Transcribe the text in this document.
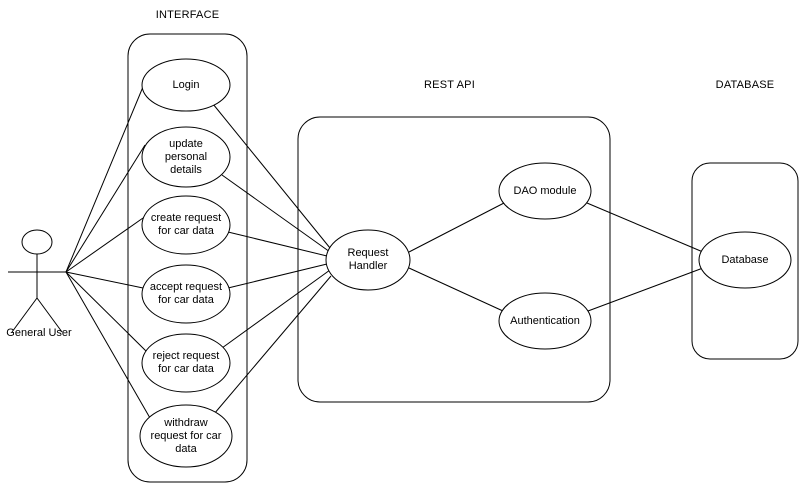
INTERFACE
REST API	DATABASE
General User
Login
update
personal
details
create request
for car data
accept request
for car data
reject request
for car data
withdraw
request for car
data
Request
Handler
DAO module
Authentication
Database
